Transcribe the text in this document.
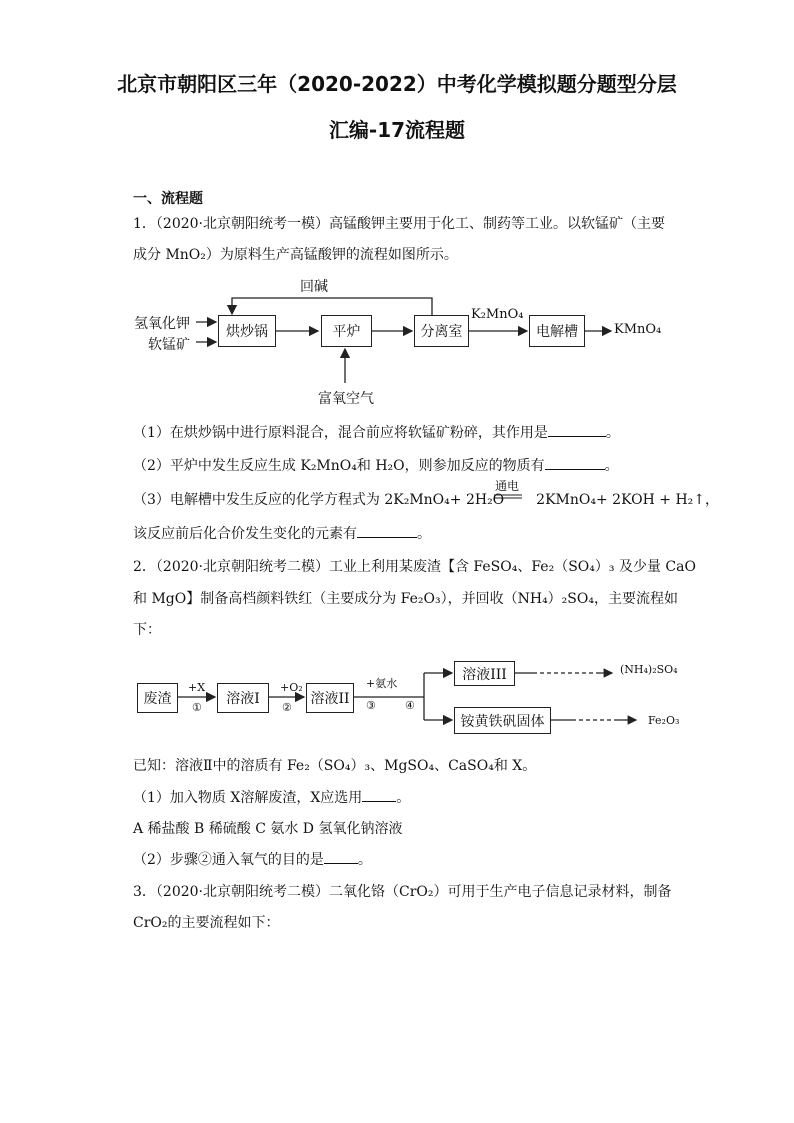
北京市朝阳区三年（2020-2022）中考化学模拟题分题型分层
汇编-17流程题
一、流程题
1．（2020·北京朝阳统考一模）高锰酸钾主要用于化工、制药等工业。以软锰矿（主要
成分 MnO₂）为原料生产高锰酸钾的流程如图所示。
氢氧化钾
软锰矿
烘炒锅	平炉	分离室	电解槽
回碱
富氧空气
K₂MnO₄
KMnO₄
（1）在烘炒锅中进行原料混合，混合前应将软锰矿粉碎，其作用是	。
（2）平炉中发生反应生成 K₂MnO₄和 H₂O，则参加反应的物质有	。
（3）电解槽中发生反应的化学方程式为 2K₂MnO₄+ 2H₂O 2KMnO₄+ 2KOH + H₂↑，
通电
该反应前后化合价发生变化的元素有	。
2．（2020·北京朝阳统考二模）工业上利用某废渣【含 FeSO₄、Fe₂（SO₄）₃ 及少量 CaO
和 MgO】制备高档颜料铁红（主要成分为 Fe₂O₃），并回收（NH₄）₂SO₄，主要流程如
下：
废渣	溶液I	溶液II
溶液III
铵黄铁矾固体
+X
①
+O₂
②
+氨水
③	④
(NH₄)₂SO₄
Fe₂O₃
已知：溶液Ⅱ中的溶质有 Fe₂（SO₄）₃、MgSO₄、CaSO₄和 X。
（1）加入物质 X溶解废渣，X应选用 。
A 稀盐酸 B 稀硫酸 C 氨水 D 氢氧化钠溶液
（2）步骤②通入氧气的目的是 。
3．（2020·北京朝阳统考二模）二氧化铬（CrO₂）可用于生产电子信息记录材料，制备
CrO₂的主要流程如下：
